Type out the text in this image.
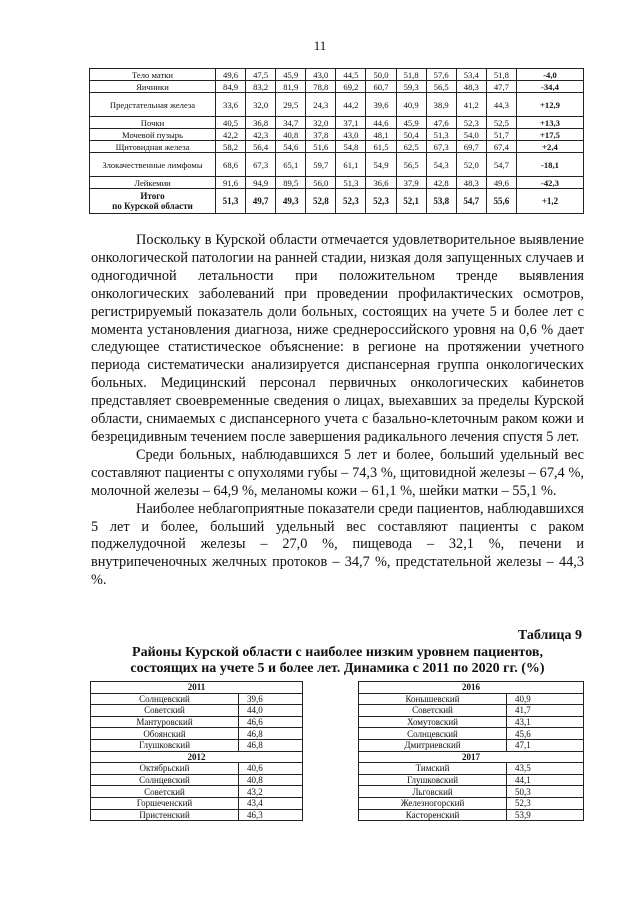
11
Тело матки	49,6	47,5	45,9	43,0	44,5	50,0	51,8	57,6	53,4	51,8	-4,0
Яичники	84,9	83,2	81,9	78,8	69,2	60,7	59,3	56,5	48,3	47,7	-34,4
Предстательная железа	33,6	32,0	29,5	24,3	44,2	39,6	40,9	38,9	41,2	44,3	+12,9
Почки	40,5	36,8	34,7	32,0	37,1	44,6	45,9	47,6	52,3	52,5	+13,3
Мочевой пузырь	42,2	42,3	40,8	37,8	43,0	48,1	50,4	51,3	54,0	51,7	+17,5
Щитовидная железа	58,2	56,4	54,6	51,6	54,8	61,5	62,5	67,3	69,7	67,4	+2,4
Злокачественные лимфомы	68,6	67,3	65,1	59,7	61,1	54,9	56,5	54,3	52,0	54,7	-18,1
Лейкемии	91,6	94,9	89,5	56,0	51,3	36,6	37,9	42,8	48,3	49,6	-42,3

Итого
по Курской области	51,3	49,7	49,3	52,8	52,3	52,3	52,1	53,8	54,7	55,6	+1,2

Поскольку в Курской области отмечается удовлетворительное выявление онкологической патологии на ранней стадии, низкая доля запущенных случаев и одногодичной летальности при положительном тренде выявления онкологических заболеваний при проведении профилактических осмотров, регистрируемый показатель доли больных, состоящих на учете 5 и более лет с момента установления диагноза, ниже среднероссийского уровня на 0,6 % дает следующее статистическое объяснение: в регионе на протяжении учетного периода систематически анализируется диспансерная группа онкологических больных. Медицинский персонал первичных онкологических кабинетов представляет своевременные сведения о лицах, выехавших за пределы Курской области, снимаемых с диспансерного учета с базально-клеточным раком кожи и безрецидивным течением после завершения радикального лечения спустя 5 лет.

Среди больных, наблюдавшихся 5 лет и более, больший удельный вес составляют пациенты с опухолями губы – 74,3 %, щитовидной железы – 67,4 %, молочной железы – 64,9 %, меланомы кожи – 61,1 %, шейки матки – 55,1 %.

Наиболее неблагоприятные показатели среди пациентов, наблюдавшихся 5 лет и более, больший удельный вес составляют пациенты с раком поджелудочной железы – 27,0 %, пищевода – 32,1 %, печени и внутрипеченочных желчных протоков – 34,7 %, предстательной железы – 44,3 %.

Таблица 9
Районы Курской области с наиболее низким уровнем пациентов,
состоящих на учете 5 и более лет. Динамика с 2011 по 2020 гг. (%)
2011			2016	
Солнцевский	39,6		Конышевский	40,9
Советский	44,0		Советский	41,7
Мантуровский	46,6		Хомутовский	43,1
Обоянский	46,8		Солнцевский	45,6
Глушковский	46,8		Дмитриевский	47,1
2012			2017	
Октябрьский	40,6		Тимский	43,5
Солнцевский	40,8		Глушковский	44,1
Советский	43,2		Льговский	50,3
Горшеченский	43,4		Железногорский	52,3
Пристенский	46,3		Касторенский	53,9
